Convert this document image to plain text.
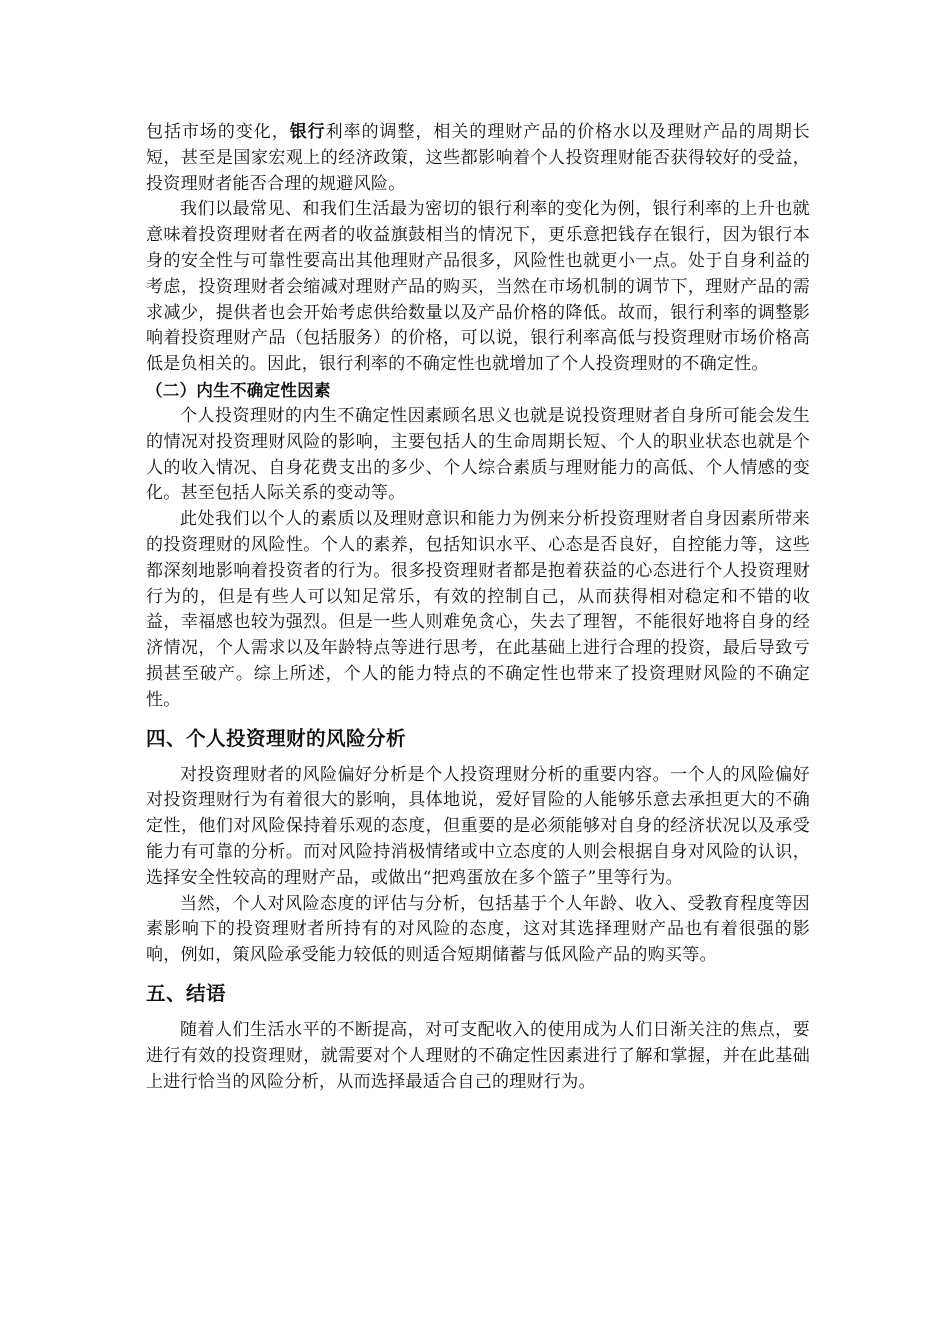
包括市场的变化，银行利率的调整，相关的理财产品的价格水以及理财产品的周期长短，甚至是国家宏观上的经济政策，这些都影响着个人投资理财能否获得较好的受益，投资理财者能否合理的规避风险。

我们以最常见、和我们生活最为密切的银行利率的变化为例，银行利率的上升也就意味着投资理财者在两者的收益旗鼓相当的情况下，更乐意把钱存在银行，因为银行本身的安全性与可靠性要高出其他理财产品很多，风险性也就更小一点。处于自身利益的考虑，投资理财者会缩减对理财产品的购买，当然在市场机制的调节下，理财产品的需求减少，提供者也会开始考虑供给数量以及产品价格的降低。故而，银行利率的调整影响着投资理财产品（包括服务）的价格，可以说，银行利率高低与投资理财市场价格高低是负相关的。因此，银行利率的不确定性也就增加了个人投资理财的不确定性。

（二）内生不确定性因素

个人投资理财的内生不确定性因素顾名思义也就是说投资理财者自身所可能会发生的情况对投资理财风险的影响，主要包括人的生命周期长短、个人的职业状态也就是个人的收入情况、自身花费支出的多少、个人综合素质与理财能力的高低、个人情感的变化。甚至包括人际关系的变动等。

此处我们以个人的素质以及理财意识和能力为例来分析投资理财者自身因素所带来的投资理财的风险性。个人的素养，包括知识水平、心态是否良好，自控能力等，这些都深刻地影响着投资者的行为。很多投资理财者都是抱着获益的心态进行个人投资理财行为的，但是有些人可以知足常乐，有效的控制自己，从而获得相对稳定和不错的收益，幸福感也较为强烈。但是一些人则难免贪心，失去了理智，不能很好地将自身的经济情况，个人需求以及年龄特点等进行思考，在此基础上进行合理的投资，最后导致亏损甚至破产。综上所述，个人的能力特点的不确定性也带来了投资理财风险的不确定性。

四、个人投资理财的风险分析

对投资理财者的风险偏好分析是个人投资理财分析的重要内容。一个人的风险偏好对投资理财行为有着很大的影响，具体地说，爱好冒险的人能够乐意去承担更大的不确定性，他们对风险保持着乐观的态度，但重要的是必须能够对自身的经济状况以及承受能力有可靠的分析。而对风险持消极情绪或中立态度的人则会根据自身对风险的认识，选择安全性较高的理财产品，或做出“把鸡蛋放在多个篮子”里等行为。

当然，个人对风险态度的评估与分析，包括基于个人年龄、收入、受教育程度等因素影响下的投资理财者所持有的对风险的态度，这对其选择理财产品也有着很强的影响，例如，策风险承受能力较低的则适合短期储蓄与低风险产品的购买等。

五、结语

随着人们生活水平的不断提高，对可支配收入的使用成为人们日渐关注的焦点，要进行有效的投资理财，就需要对个人理财的不确定性因素进行了解和掌握，并在此基础上进行恰当的风险分析，从而选择最适合自己的理财行为。
